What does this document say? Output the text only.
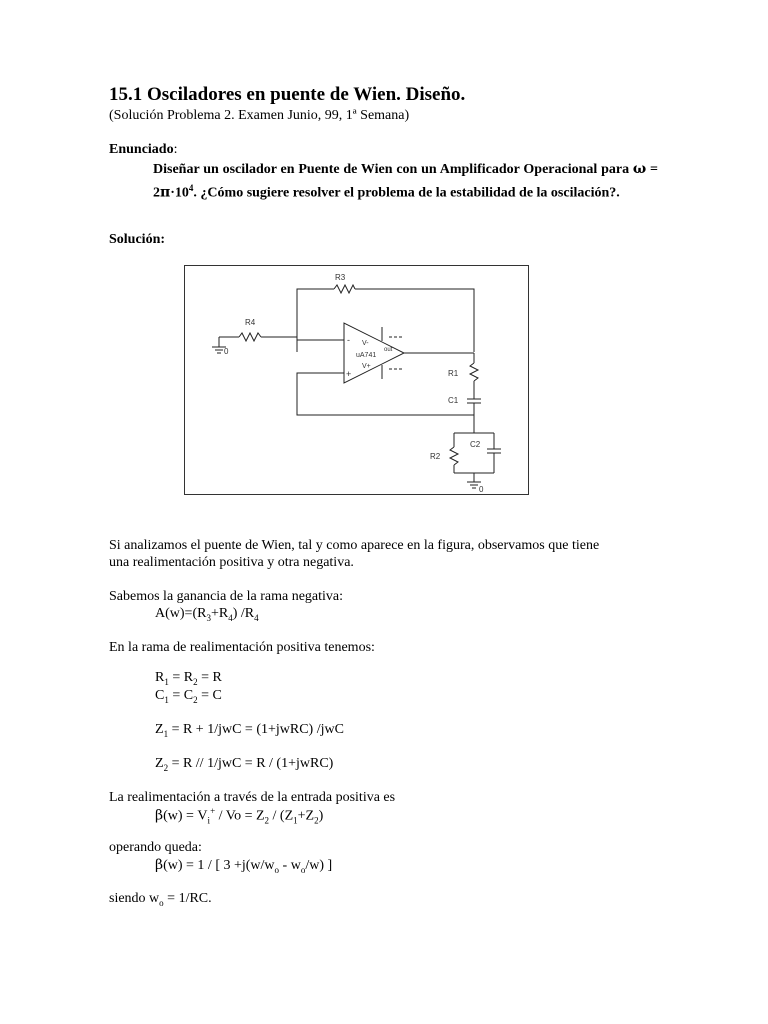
15.1 Osciladores en puente de Wien. Diseño.
(Solución Problema 2. Examen Junio, 99, 1ª Semana)
Enunciado:
Diseñar un oscilador en Puente de Wien con un Amplificador Operacional para $\omega = 2\pi\cdot 10^4$. ¿Cómo sugiere resolver el problema de la estabilidad de la oscilación?.
Solución:
R3
R4
0
R1
C1
R2
C2
0
uA741
V-
V+
out
-
+
Si analizamos el puente de Wien, tal y como aparece en la figura, observamos que tiene
una realimentación positiva y otra negativa.
Sabemos la ganancia de la rama negativa:
$A(w)=(R_3+R_4)$ $/R_4$
En la rama de realimentación positiva tenemos:
$R_1 = R_2 = R$
$C_1 = C_2 = C$
$Z_1 = R + 1/jwC$ = (1+jwRC) /jwC
$Z_2 = R // 1/jwC = R$ / (1+jwRC)
La realimentación a través de la entrada positiva es
$\beta(w) = V_i^+ / Vo = Z_2 / (Z_1+Z_2)$
operando queda:
β(w) = 1 / [ $3 +j(w/w_o - w_o/w)$ ]
siendo $w_o = 1/RC$.
